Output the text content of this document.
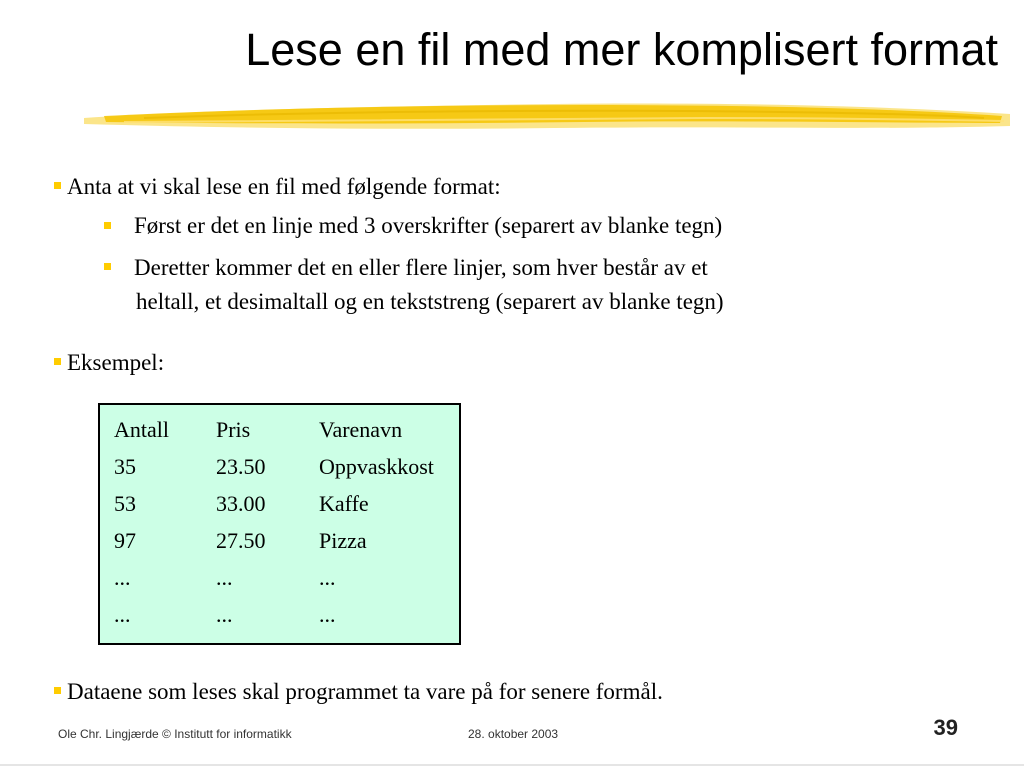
Lese en fil med mer komplisert format
Anta at vi skal lese en fil med følgende format:
Først er det en linje med 3 overskrifter (separert av blanke tegn)
Deretter kommer det en eller flere linjer, som hver består av et
heltall, et desimaltall og en tekststreng (separert av blanke tegn)
Eksempel:
Antall Pris	Varenavn
35	23.50 Oppvaskkost
53	33.00 Kaffe
97	27.50 Pizza
...	...	...
...	...	...
Dataene som leses skal programmet ta vare på for senere formål.
Ole Chr. Lingjærde © Institutt for informatikk	28. oktober 2003	39
